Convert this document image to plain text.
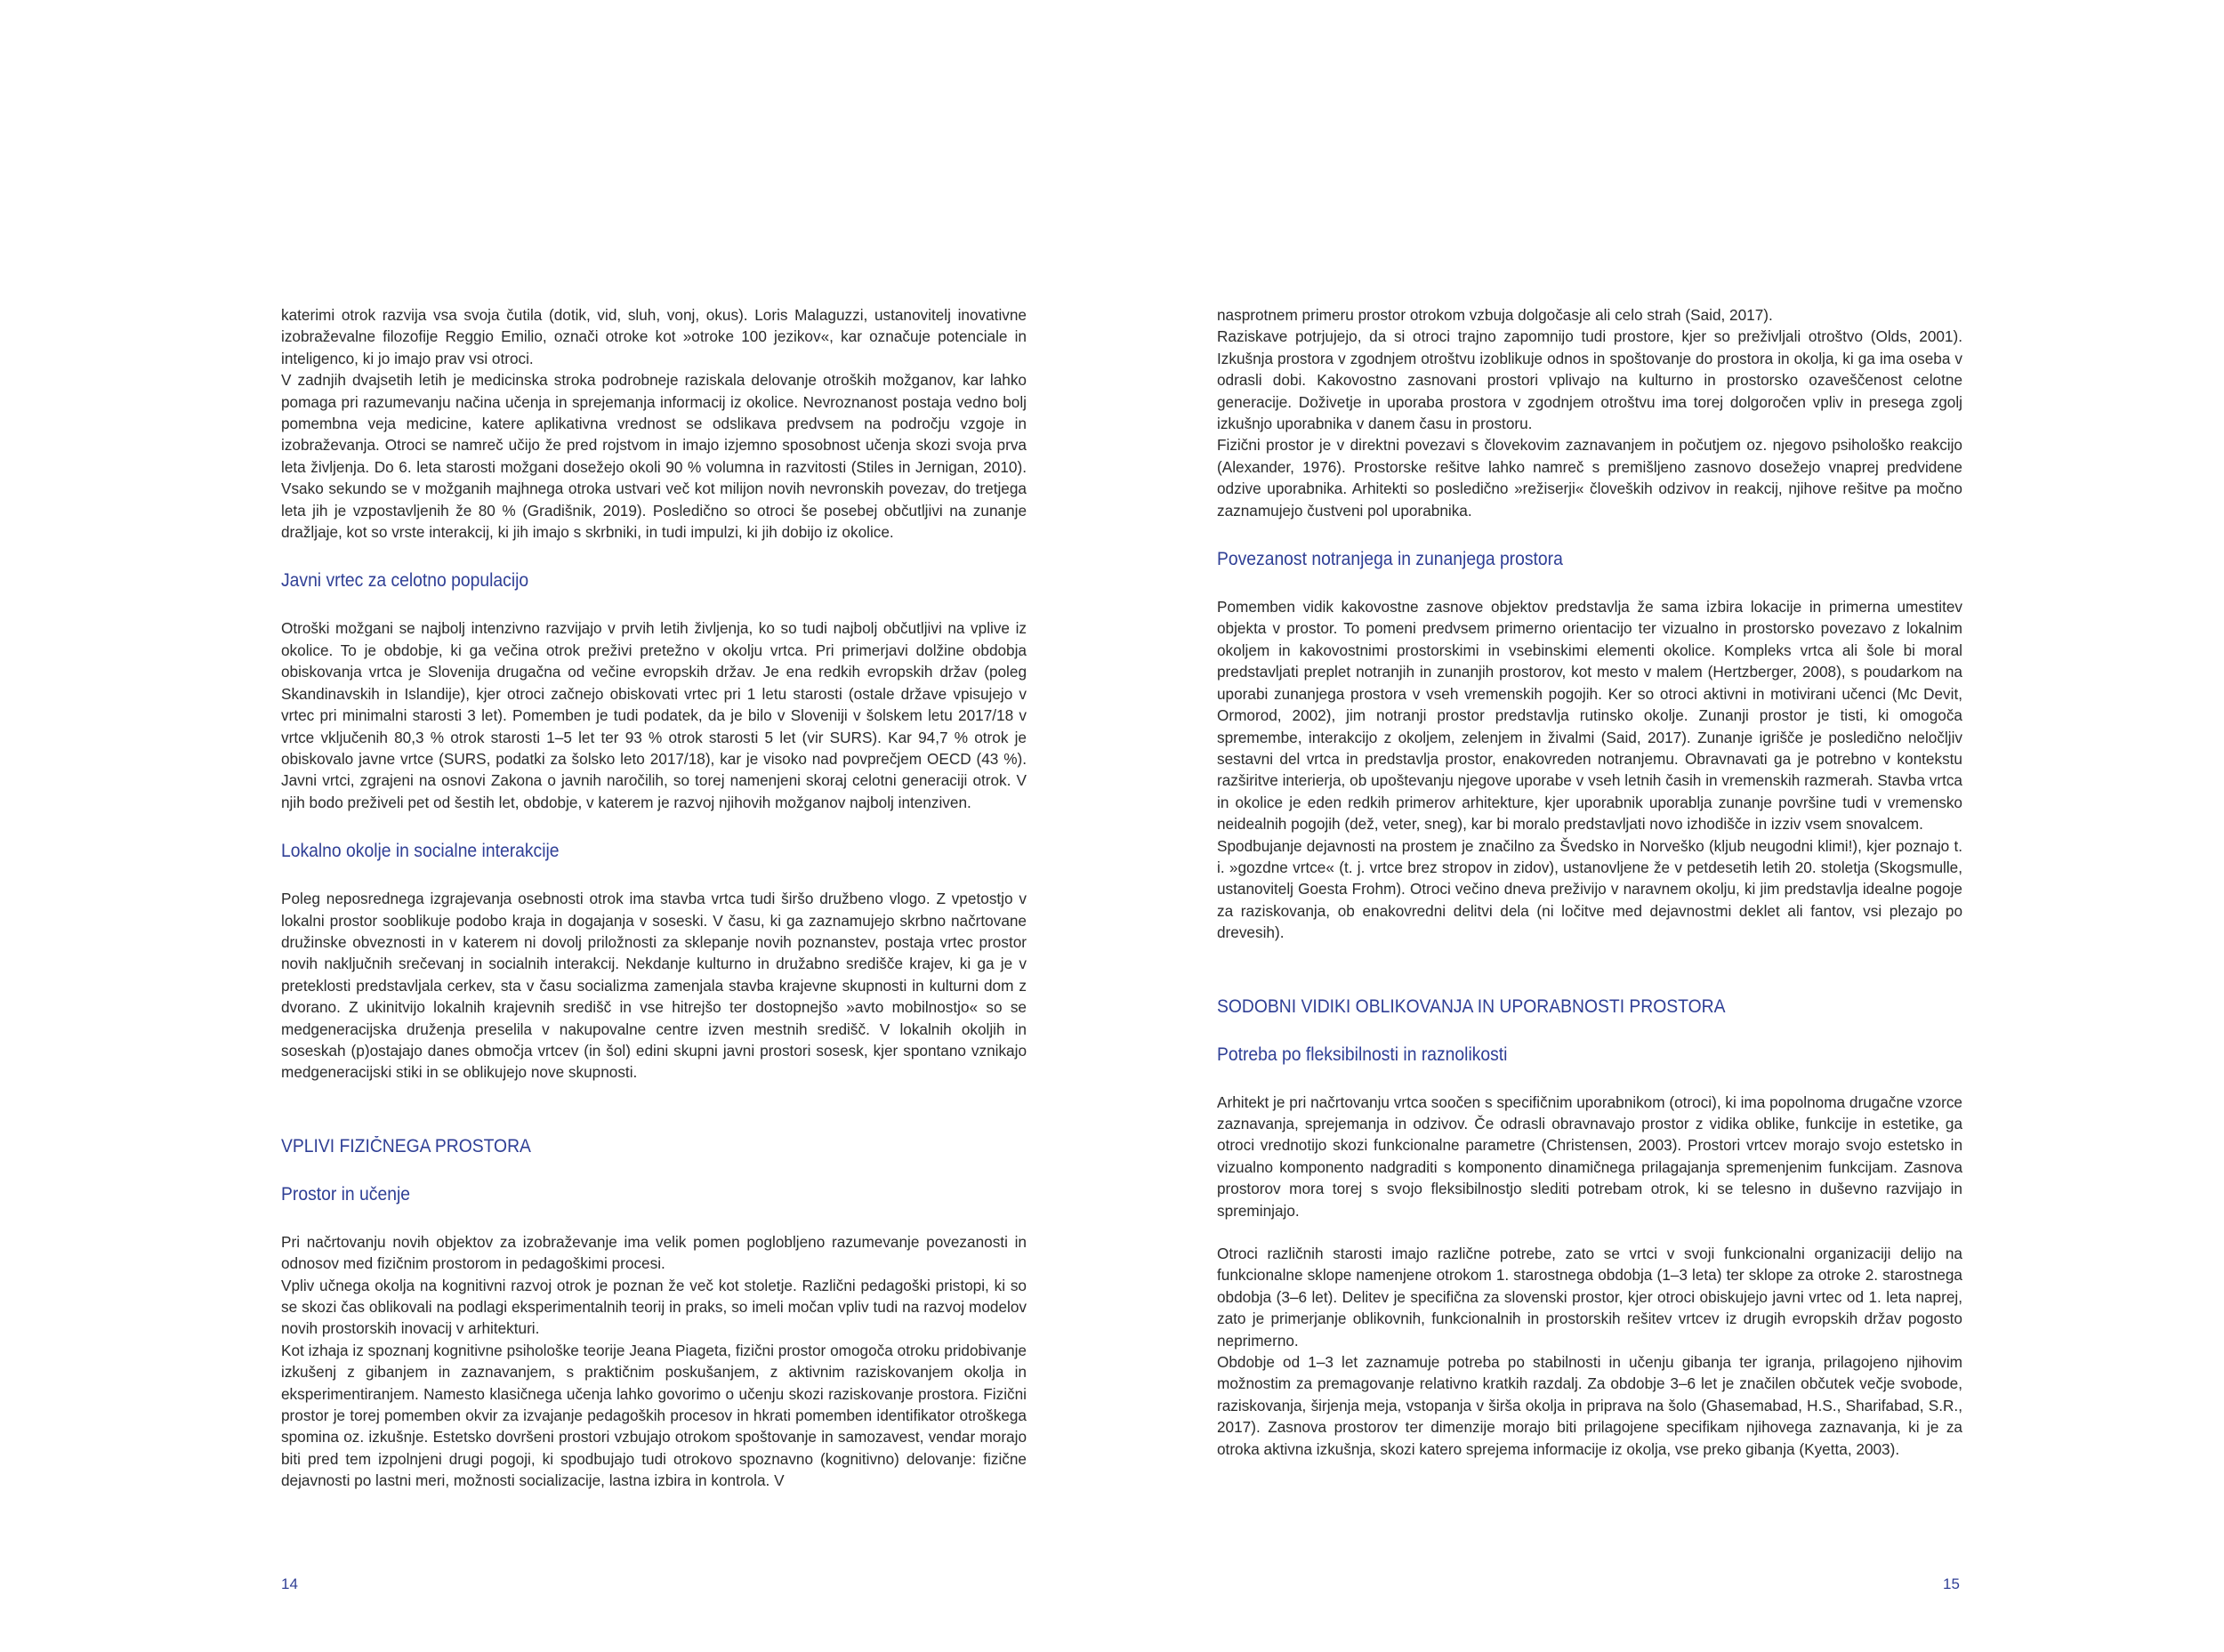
katerimi otrok razvija vsa svoja čutila (dotik, vid, sluh, vonj, okus). Loris Malaguzzi, ustanovitelj inovativne izobraževalne filozofije Reggio Emilio, označi otroke kot »otroke 100 jezikov«, kar označuje potenciale in inteligenco, ki jo imajo prav vsi otroci.

V zadnjih dvajsetih letih je medicinska stroka podrobneje raziskala delovanje otroških možganov, kar lahko pomaga pri razumevanju načina učenja in sprejemanja informacij iz okolice. Nevroznanost postaja vedno bolj pomembna veja medicine, katere aplikativna vrednost se odslikava predvsem na področju vzgoje in izobraževanja. Otroci se namreč učijo že pred rojstvom in imajo izjemno sposobnost učenja skozi svoja prva leta življenja. Do 6. leta starosti možgani dosežejo okoli 90 % volumna in razvitosti (Stiles in Jernigan, 2010). Vsako sekundo se v možganih majhnega otroka ustvari več kot milijon novih nevronskih povezav, do tretjega leta jih je vzpostavljenih že 80 % (Gradišnik, 2019). Posledično so otroci še posebej občutljivi na zunanje dražljaje, kot so vrste interakcij, ki jih imajo s skrbniki, in tudi impulzi, ki jih dobijo iz okolice.

Javni vrtec za celotno populacijo

Otroški možgani se najbolj intenzivno razvijajo v prvih letih življenja, ko so tudi najbolj občutljivi na vplive iz okolice. To je obdobje, ki ga večina otrok preživi pretežno v okolju vrtca. Pri primerjavi dolžine obdobja obiskovanja vrtca je Slovenija drugačna od večine evropskih držav. Je ena redkih evropskih držav (poleg Skandinavskih in Islandije), kjer otroci začnejo obiskovati vrtec pri 1 letu starosti (ostale države vpisujejo v vrtec pri minimalni starosti 3 let). Pomemben je tudi podatek, da je bilo v Sloveniji v šolskem letu 2017/18 v vrtce vključenih 80,3 % otrok starosti 1–5 let ter 93 % otrok starosti 5 let (vir SURS). Kar 94,7 % otrok je obiskovalo javne vrtce (SURS, podatki za šolsko leto 2017/18), kar je visoko nad povprečjem OECD (43 %). Javni vrtci, zgrajeni na osnovi Zakona o javnih naročilih, so torej namenjeni skoraj celotni generaciji otrok. V njih bodo preživeli pet od šestih let, obdobje, v katerem je razvoj njihovih možganov najbolj intenziven.

Lokalno okolje in socialne interakcije

Poleg neposrednega izgrajevanja osebnosti otrok ima stavba vrtca tudi širšo družbeno vlogo. Z vpetostjo v lokalni prostor sooblikuje podobo kraja in dogajanja v soseski. V času, ki ga zaznamujejo skrbno načrtovane družinske obveznosti in v katerem ni dovolj priložnosti za sklepanje novih poznanstev, postaja vrtec prostor novih naključnih srečevanj in socialnih interakcij. Nekdanje kulturno in družabno središče krajev, ki ga je v preteklosti predstavljala cerkev, sta v času socializma zamenjala stavba krajevne skupnosti in kulturni dom z dvorano. Z ukinitvijo lokalnih krajevnih središč in vse hitrejšo ter dostopnejšo »avto mobilnostjo« so se medgeneracijska druženja preselila v nakupovalne centre izven mestnih središč. V lokalnih okoljih in soseskah (p)ostajajo danes območja vrtcev (in šol) edini skupni javni prostori sosesk, kjer spontano vznikajo medgeneracijski stiki in se oblikujejo nove skupnosti.

VPLIVI FIZIČNEGA PROSTORA
Prostor in učenje

Pri načrtovanju novih objektov za izobraževanje ima velik pomen poglobljeno razumevanje povezanosti in odnosov med fizičnim prostorom in pedagoškimi procesi.

Vpliv učnega okolja na kognitivni razvoj otrok je poznan že več kot stoletje. Različni pedagoški pristopi, ki so se skozi čas oblikovali na podlagi eksperimentalnih teorij in praks, so imeli močan vpliv tudi na razvoj modelov novih prostorskih inovacij v arhitekturi.

Kot izhaja iz spoznanj kognitivne psihološke teorije Jeana Piageta, fizični prostor omogoča otroku pridobivanje izkušenj z gibanjem in zaznavanjem, s praktičnim poskušanjem, z aktivnim raziskovanjem okolja in eksperimentiranjem. Namesto klasičnega učenja lahko govorimo o učenju skozi raziskovanje prostora. Fizični prostor je torej pomemben okvir za izvajanje pedagoških procesov in hkrati pomemben identifikator otroškega spomina oz. izkušnje. Estetsko dovršeni prostori vzbujajo otrokom spoštovanje in samozavest, vendar morajo biti pred tem izpolnjeni drugi pogoji, ki spodbujajo tudi otrokovo spoznavno (kognitivno) delovanje: fizične dejavnosti po lastni meri, možnosti socializacije, lastna izbira in kontrola. V

14

nasprotnem primeru prostor otrokom vzbuja dolgočasje ali celo strah (Said, 2017).

Raziskave potrjujejo, da si otroci trajno zapomnijo tudi prostore, kjer so preživljali otroštvo (Olds, 2001). Izkušnja prostora v zgodnjem otroštvu izoblikuje odnos in spoštovanje do prostora in okolja, ki ga ima oseba v odrasli dobi. Kakovostno zasnovani prostori vplivajo na kulturno in prostorsko ozaveščenost celotne generacije. Doživetje in uporaba prostora v zgodnjem otroštvu ima torej dolgoročen vpliv in presega zgolj izkušnjo uporabnika v danem času in prostoru.

Fizični prostor je v direktni povezavi s človekovim zaznavanjem in počutjem oz. njegovo psihološko reakcijo (Alexander, 1976). Prostorske rešitve lahko namreč s premišljeno zasnovo dosežejo vnaprej predvidene odzive uporabnika. Arhitekti so posledično »režiserji« človeških odzivov in reakcij, njihove rešitve pa močno zaznamujejo čustveni pol uporabnika.

Povezanost notranjega in zunanjega prostora

Pomemben vidik kakovostne zasnove objektov predstavlja že sama izbira lokacije in primerna umestitev objekta v prostor. To pomeni predvsem primerno orientacijo ter vizualno in prostorsko povezavo z lokalnim okoljem in kakovostnimi prostorskimi in vsebinskimi elementi okolice. Kompleks vrtca ali šole bi moral predstavljati preplet notranjih in zunanjih prostorov, kot mesto v malem (Hertzberger, 2008), s poudarkom na uporabi zunanjega prostora v vseh vremenskih pogojih. Ker so otroci aktivni in motivirani učenci (Mc Devit, Ormorod, 2002), jim notranji prostor predstavlja rutinsko okolje. Zunanji prostor je tisti, ki omogoča spremembe, interakcijo z okoljem, zelenjem in živalmi (Said, 2017). Zunanje igrišče je posledično neločljiv sestavni del vrtca in predstavlja prostor, enakovreden notranjemu. Obravnavati ga je potrebno v kontekstu razširitve interierja, ob upoštevanju njegove uporabe v vseh letnih časih in vremenskih razmerah. Stavba vrtca in okolice je eden redkih primerov arhitekture, kjer uporabnik uporablja zunanje površine tudi v vremensko neidealnih pogojih (dež, veter, sneg), kar bi moralo predstavljati novo izhodišče in izziv vsem snovalcem.

Spodbujanje dejavnosti na prostem je značilno za Švedsko in Norveško (kljub neugodni klimi!), kjer poznajo t. i. »gozdne vrtce« (t. j. vrtce brez stropov in zidov), ustanovljene že v petdesetih letih 20. stoletja (Skogsmulle, ustanovitelj Goesta Frohm). Otroci večino dneva preživijo v naravnem okolju, ki jim predstavlja idealne pogoje za raziskovanja, ob enakovredni delitvi dela (ni ločitve med dejavnostmi deklet ali fantov, vsi plezajo po drevesih).

SODOBNI VIDIKI OBLIKOVANJA IN UPORABNOSTI PROSTORA
Potreba po fleksibilnosti in raznolikosti

Arhitekt je pri načrtovanju vrtca soočen s specifičnim uporabnikom (otroci), ki ima popolnoma drugačne vzorce zaznavanja, sprejemanja in odzivov. Če odrasli obravnavajo prostor z vidika oblike, funkcije in estetike, ga otroci vrednotijo skozi funkcionalne parametre (Christensen, 2003). Prostori vrtcev morajo svojo estetsko in vizualno komponento nadgraditi s komponento dinamičnega prilagajanja spremenjenim funkcijam. Zasnova prostorov mora torej s svojo fleksibilnostjo slediti potrebam otrok, ki se telesno in duševno razvijajo in spreminjajo.

Otroci različnih starosti imajo različne potrebe, zato se vrtci v svoji funkcionalni organizaciji delijo na funkcionalne sklope namenjene otrokom 1. starostnega obdobja (1–3 leta) ter sklope za otroke 2. starostnega obdobja (3–6 let). Delitev je specifična za slovenski prostor, kjer otroci obiskujejo javni vrtec od 1. leta naprej, zato je primerjanje oblikovnih, funkcionalnih in prostorskih rešitev vrtcev iz drugih evropskih držav pogosto neprimerno.

Obdobje od 1–3 let zaznamuje potreba po stabilnosti in učenju gibanja ter igranja, prilagojeno njihovim možnostim za premagovanje relativno kratkih razdalj. Za obdobje 3–6 let je značilen občutek večje svobode, raziskovanja, širjenja meja, vstopanja v širša okolja in priprava na šolo (Ghasemabad, H.S., Sharifabad, S.R., 2017). Zasnova prostorov ter dimenzije morajo biti prilagojene specifikam njihovega zaznavanja, ki je za otroka aktivna izkušnja, skozi katero sprejema informacije iz okolja, vse preko gibanja (Kyetta, 2003).

15
